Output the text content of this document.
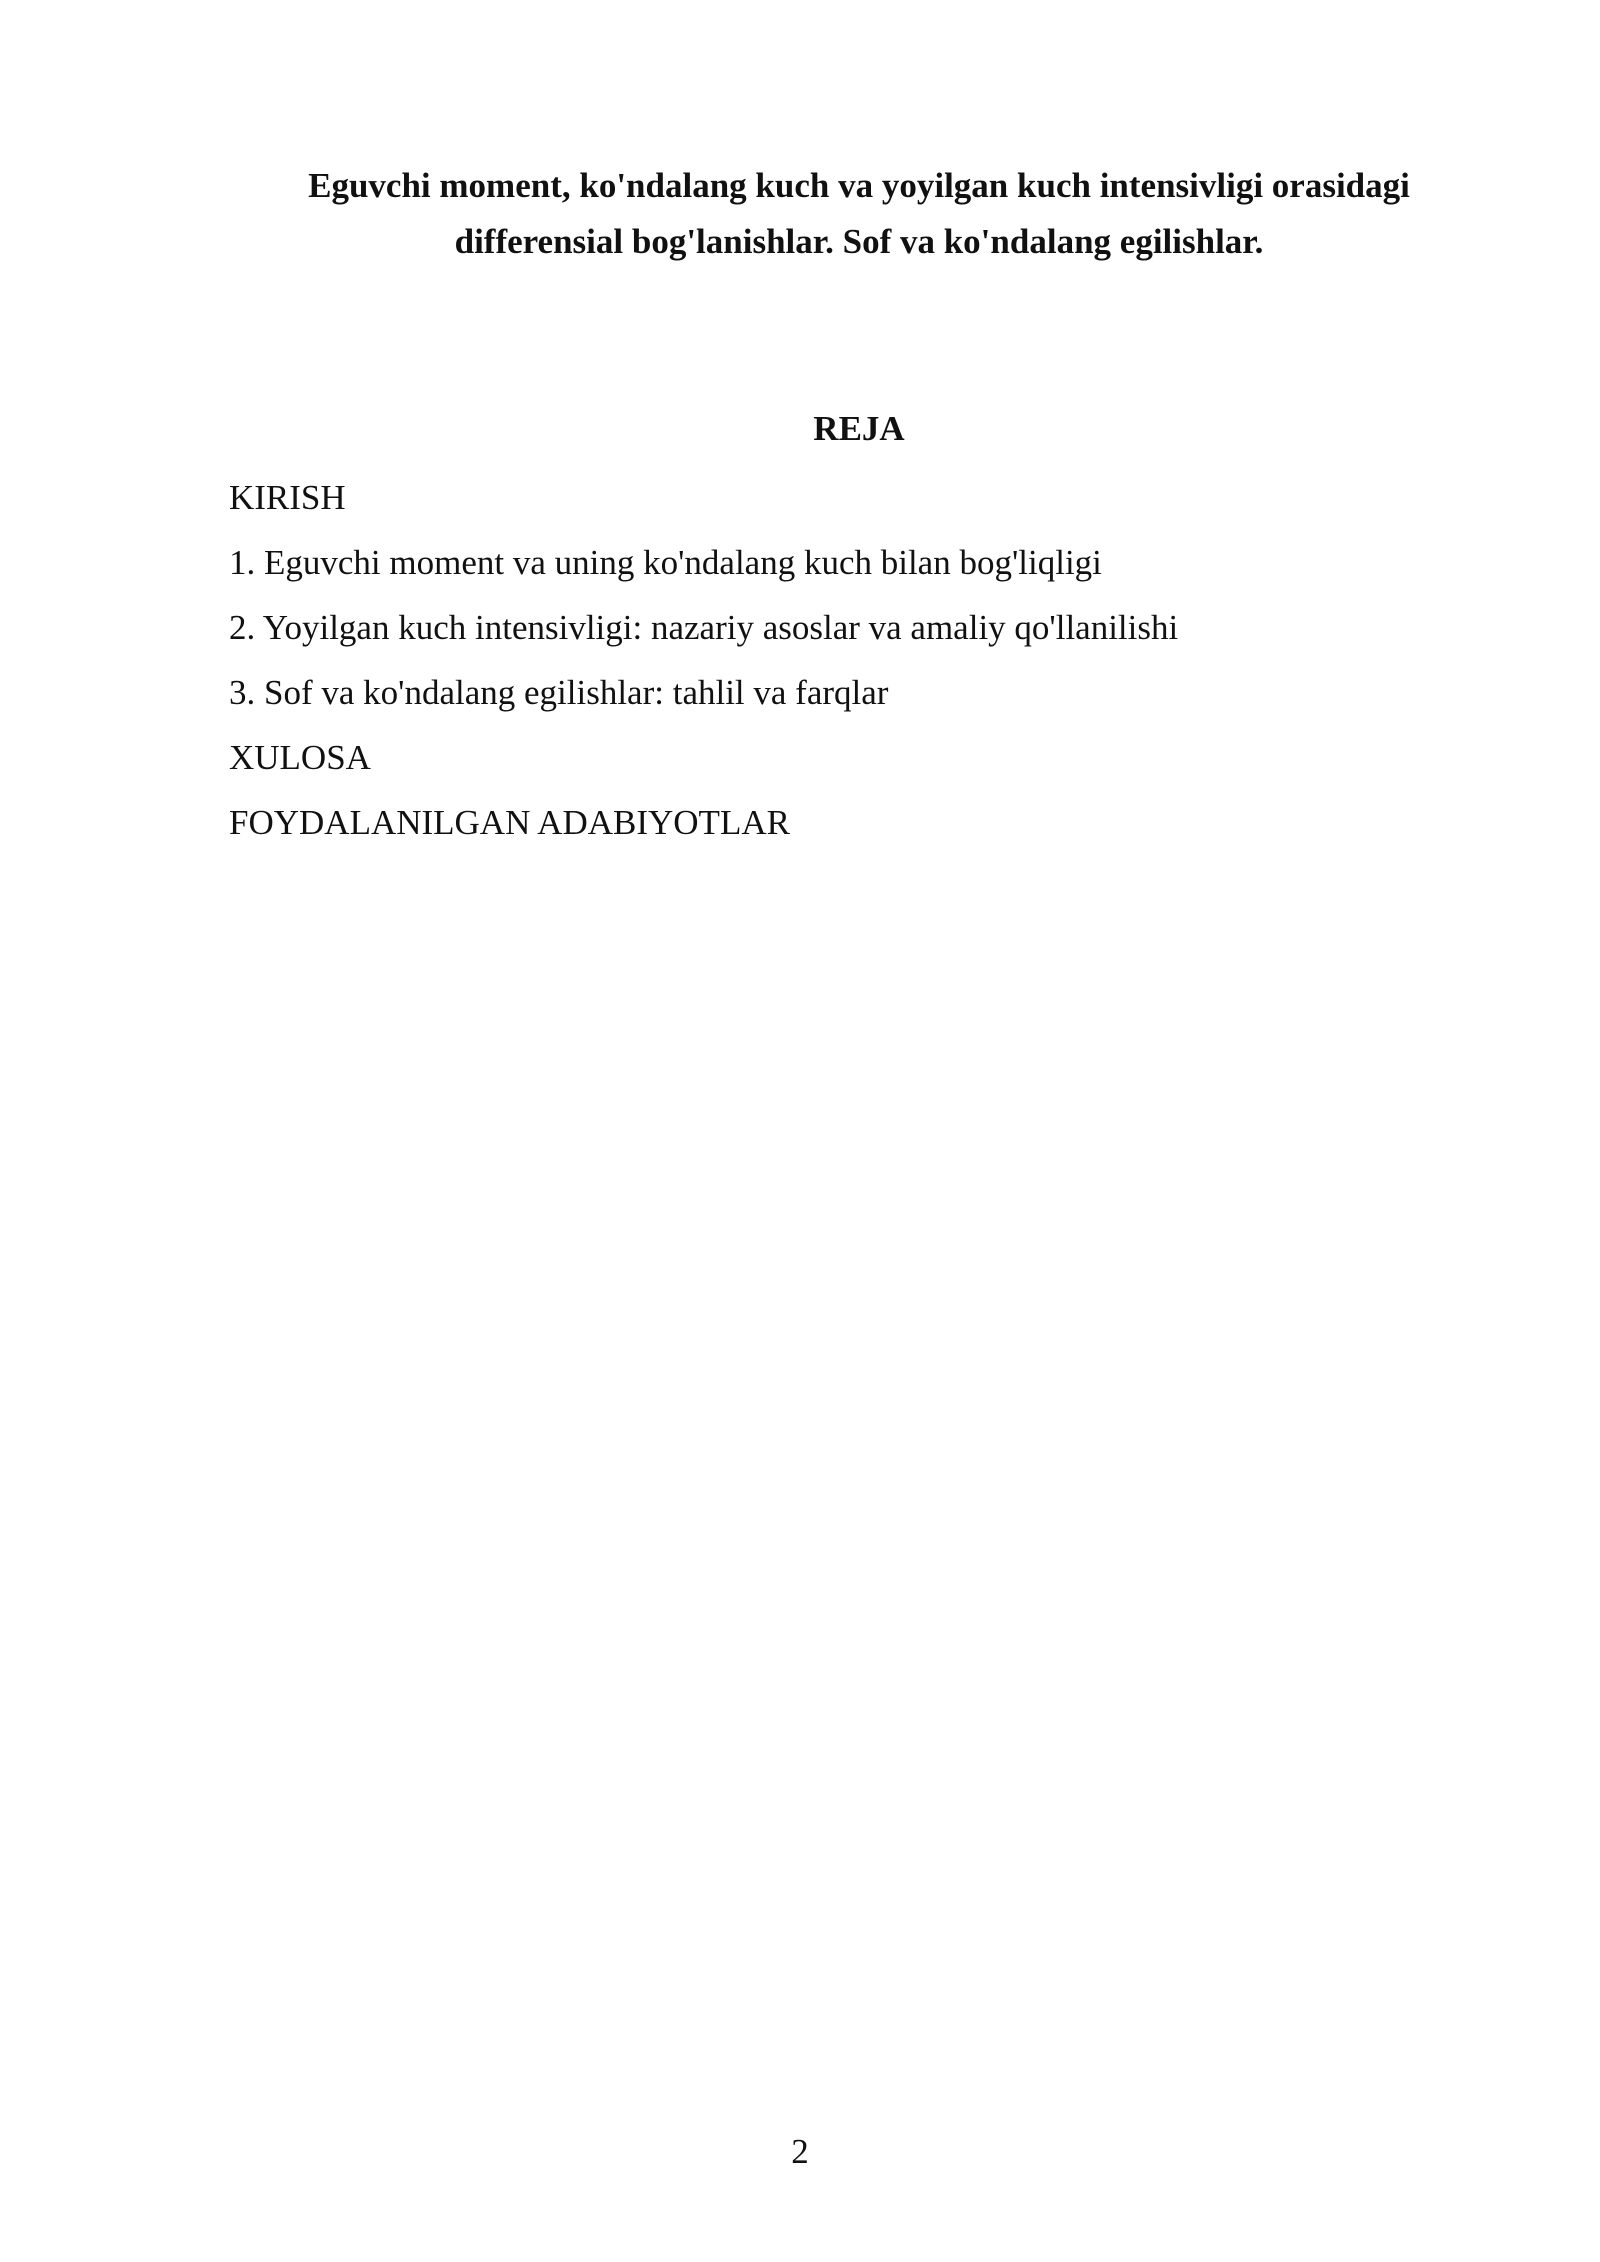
Eguvchi moment, ko'ndalang kuch va yoyilgan kuch intensivligi orasidagi
differensial bog'lanishlar. Sof va ko'ndalang egilishlar.
REJA
KIRISH
1. Eguvchi moment va uning ko'ndalang kuch bilan bog'liqligi
2. Yoyilgan kuch intensivligi: nazariy asoslar va amaliy qo'llanilishi
3. Sof va ko'ndalang egilishlar: tahlil va farqlar
XULOSA
FOYDALANILGAN ADABIYOTLAR
2
